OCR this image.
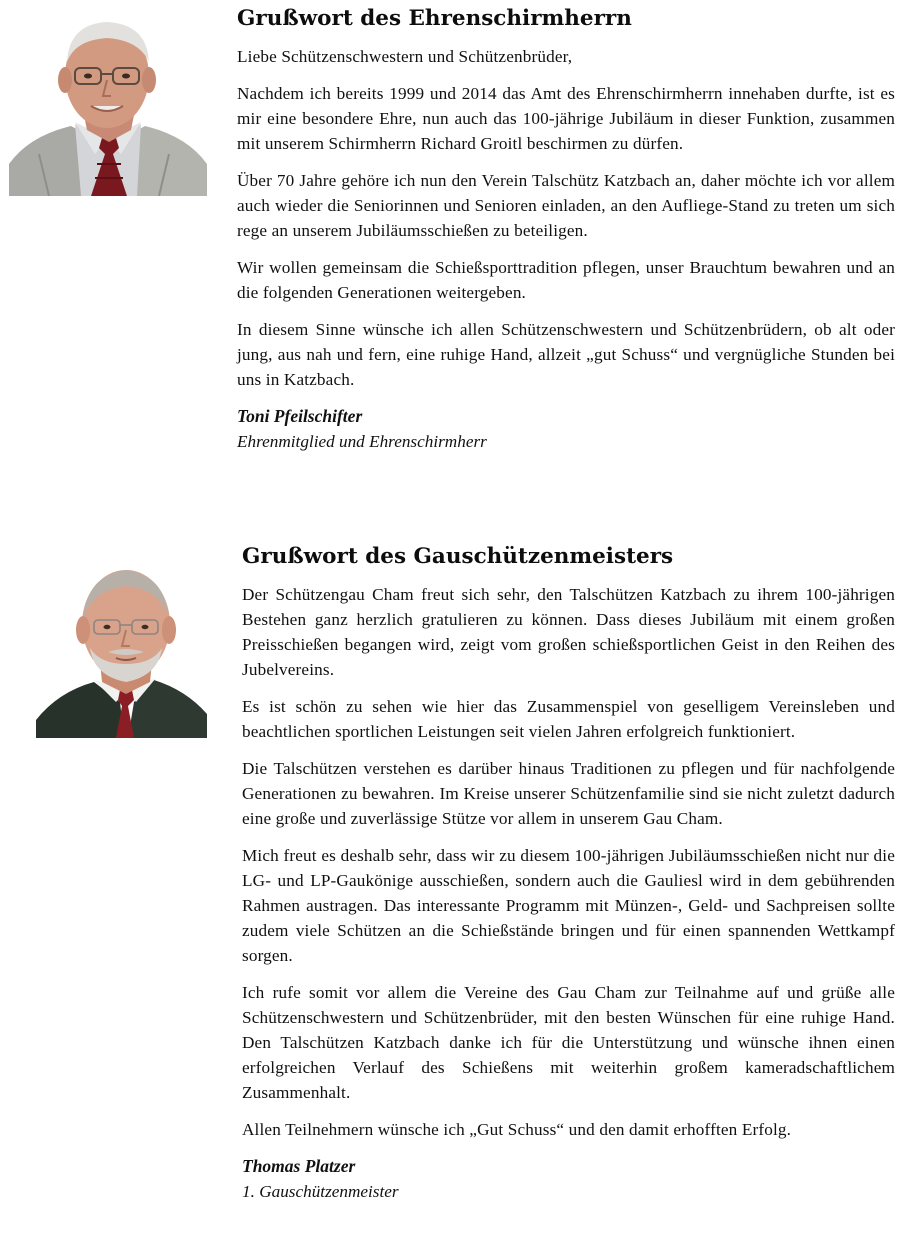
Grußwort des Ehrenschirmherrn

Liebe Schützenschwestern und Schützenbrüder,

Nachdem ich bereits 1999 und 2014 das Amt des Ehrenschirmherrn innehaben durfte, ist es mir eine besondere Ehre, nun auch das 100-jährige Jubiläum in dieser Funktion, zusammen mit unserem Schirmherrn Richard Groitl beschirmen zu dürfen.

Über 70 Jahre gehöre ich nun den Verein Talschütz Katzbach an, daher möchte ich vor allem auch wieder die Seniorinnen und Senioren einladen, an den Aufliege-Stand zu treten um sich rege an unserem Jubiläumsschießen zu beteiligen.

Wir wollen gemeinsam die Schießsporttradition pflegen, unser Brauchtum bewahren und an die folgenden Generationen weitergeben.

In diesem Sinne wünsche ich allen Schützenschwestern und Schützenbrüdern, ob alt oder jung, aus nah und fern, eine ruhige Hand, allzeit „gut Schuss“ und vergnügliche Stunden bei uns in Katzbach.

Toni Pfeilschifter
Ehrenmitglied und Ehrenschirmherr
Grußwort des Gauschützenmeisters

Der Schützengau Cham freut sich sehr, den Talschützen Katzbach zu ihrem 100-jährigen Bestehen ganz herzlich gratulieren zu können. Dass dieses Jubiläum mit einem großen Preisschießen begangen wird, zeigt vom großen schießsportlichen Geist in den Reihen des Jubelvereins.

Es ist schön zu sehen wie hier das Zusammenspiel von geselligem Vereinsleben und beachtlichen sportlichen Leistungen seit vielen Jahren erfolgreich funktioniert.

Die Talschützen verstehen es darüber hinaus Traditionen zu pflegen und für nachfolgende Generationen zu bewahren. Im Kreise unserer Schützenfamilie sind sie nicht zuletzt dadurch eine große und zuverlässige Stütze vor allem in unserem Gau Cham.

Mich freut es deshalb sehr, dass wir zu diesem 100-jährigen Jubiläumsschießen nicht nur die LG- und LP-Gaukönige ausschießen, sondern auch die Gauliesl wird in dem gebührenden Rahmen austragen. Das interessante Programm mit Münzen-, Geld- und Sachpreisen sollte zudem viele Schützen an die Schießstände bringen und für einen spannenden Wettkampf sorgen.

Ich rufe somit vor allem die Vereine des Gau Cham zur Teilnahme auf und grüße alle Schützenschwestern und Schützenbrüder, mit den besten Wünschen für eine ruhige Hand. Den Talschützen Katzbach danke ich für die Unterstützung und wünsche ihnen einen erfolgreichen Verlauf des Schießens mit weiterhin großem kameradschaftlichem Zusammenhalt.

Allen Teilnehmern wünsche ich „Gut Schuss“ und den damit erhofften Erfolg.

Thomas Platzer
1. Gauschützenmeister
